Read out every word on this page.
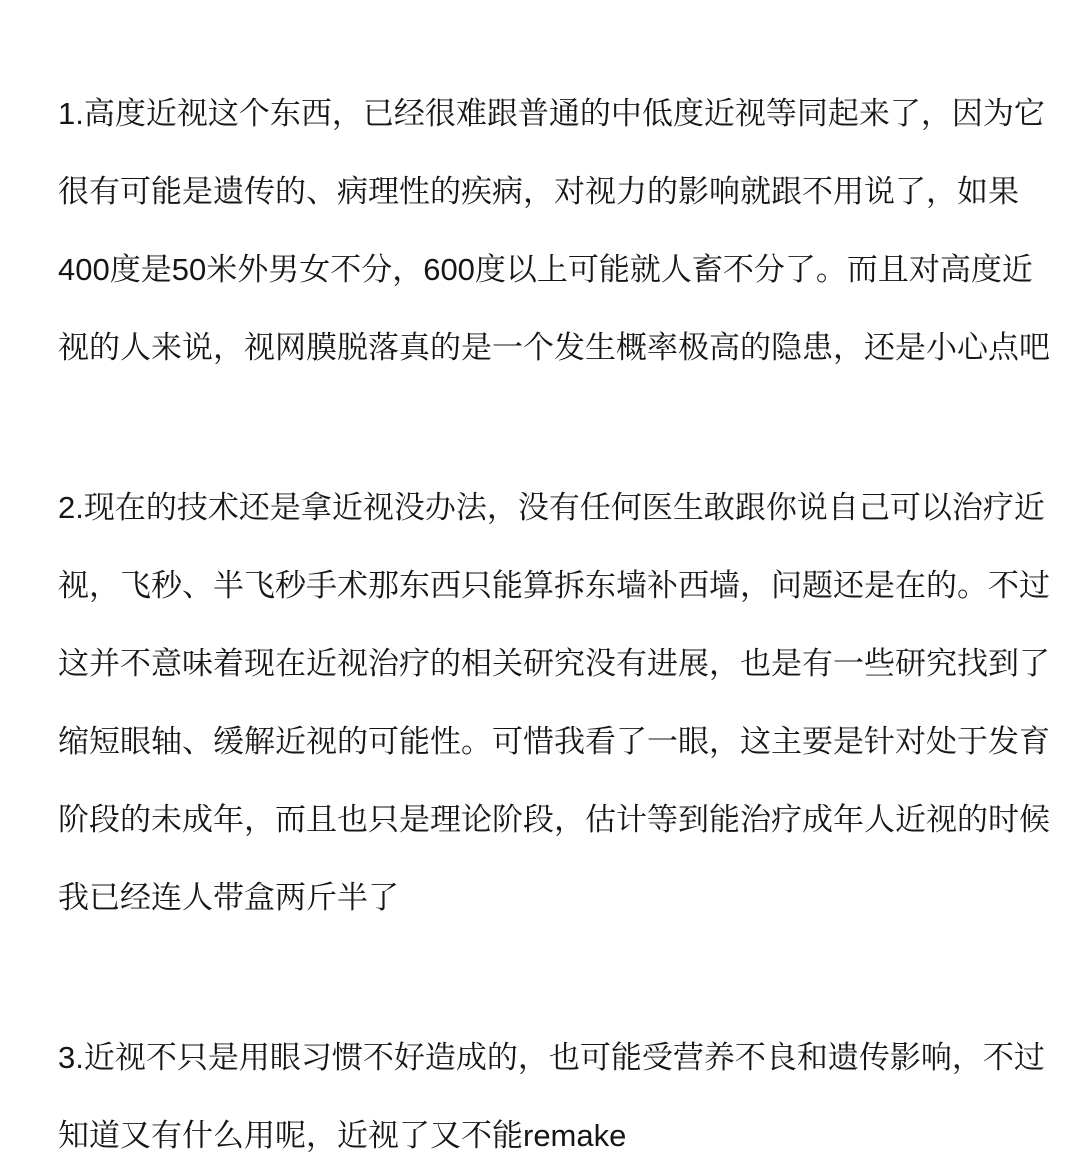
1.高度近视这个东西，已经很难跟普通的中低度近视等同起来了，因为它
很有可能是遗传的、病理性的疾病，对视力的影响就跟不用说了，如果
400度是50米外男女不分，600度以上可能就人畜不分了。而且对高度近
视的人来说，视网膜脱落真的是一个发生概率极高的隐患，还是小心点吧
2.现在的技术还是拿近视没办法，没有任何医生敢跟你说自己可以治疗近
视，飞秒、半飞秒手术那东西只能算拆东墙补西墙，问题还是在的。不过
这并不意味着现在近视治疗的相关研究没有进展，也是有一些研究找到了
缩短眼轴、缓解近视的可能性。可惜我看了一眼，这主要是针对处于发育
阶段的未成年，而且也只是理论阶段，估计等到能治疗成年人近视的时候
我已经连人带盒两斤半了
3.近视不只是用眼习惯不好造成的，也可能受营养不良和遗传影响，不过
知道又有什么用呢，近视了又不能remake
